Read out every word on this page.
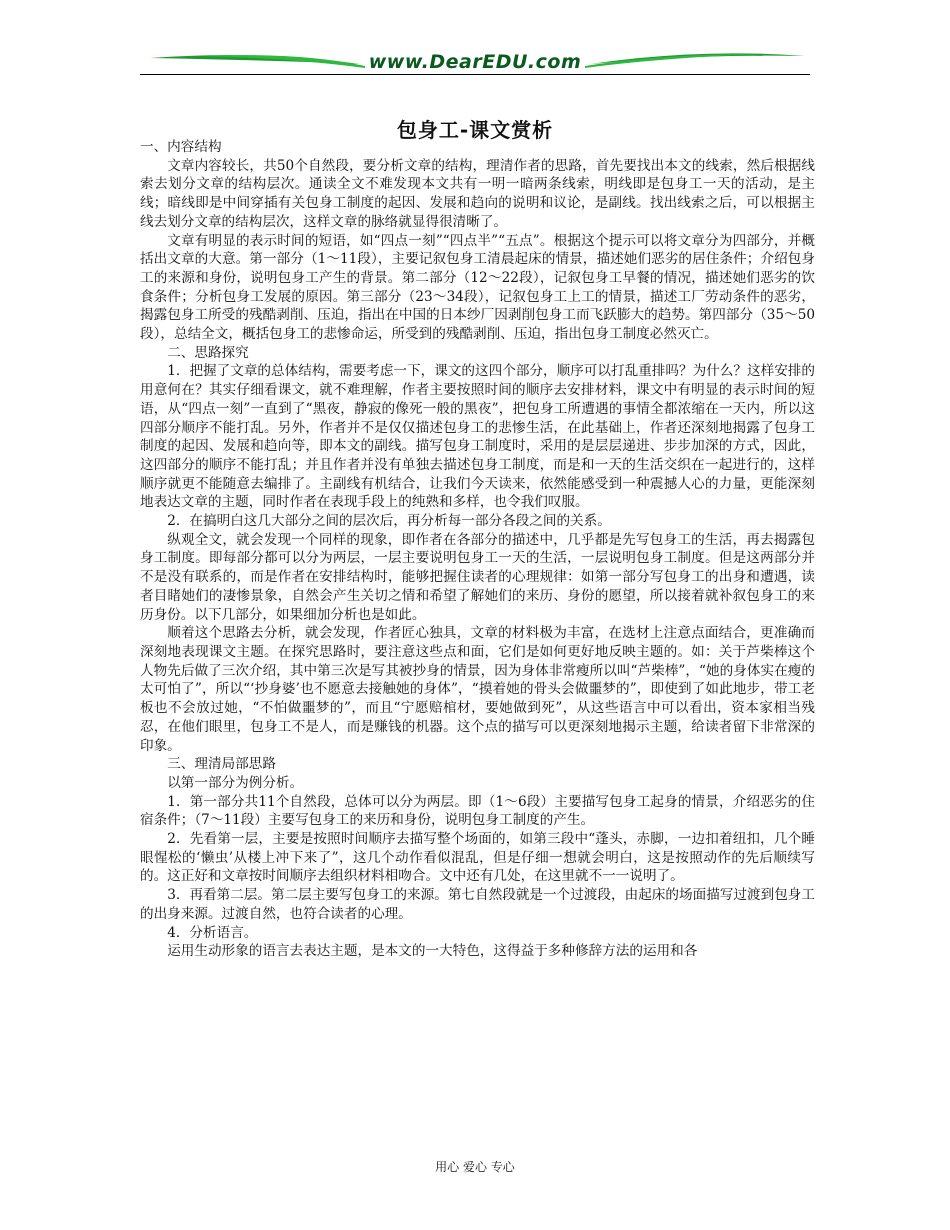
www.DearEDU.com
包身工-课文赏析

一、内容结构

文章内容较长，共50个自然段，要分析文章的结构，理清作者的思路，首先要找出本文的线索，然后根据线索去划分文章的结构层次。通读全文不难发现本文共有一明一暗两条线索，明线即是包身工一天的活动，是主线；暗线即是中间穿插有关包身工制度的起因、发展和趋向的说明和议论，是副线。找出线索之后，可以根据主线去划分文章的结构层次，这样文章的脉络就显得很清晰了。

文章有明显的表示时间的短语，如“四点一刻”“四点半”“五点”。根据这个提示可以将文章分为四部分，并概括出文章的大意。第一部分（1～11段），主要记叙包身工清晨起床的情景，描述她们恶劣的居住条件；介绍包身工的来源和身份，说明包身工产生的背景。第二部分（12～22段），记叙包身工早餐的情况，描述她们恶劣的饮食条件；分析包身工发展的原因。第三部分（23～34段），记叙包身工上工的情景，描述工厂劳动条件的恶劣，揭露包身工所受的残酷剥削、压迫，指出在中国的日本纱厂因剥削包身工而飞跃膨大的趋势。第四部分（35～50段），总结全文，概括包身工的悲惨命运，所受到的残酷剥削、压迫，指出包身工制度必然灭亡。

二、思路探究

1．把握了文章的总体结构，需要考虑一下，课文的这四个部分，顺序可以打乱重排吗？为什么？这样安排的用意何在？其实仔细看课文，就不难理解，作者主要按照时间的顺序去安排材料，课文中有明显的表示时间的短语，从“四点一刻”一直到了“黑夜，静寂的像死一般的黑夜”，把包身工所遭遇的事情全都浓缩在一天内，所以这四部分顺序不能打乱。另外，作者并不是仅仅描述包身工的悲惨生活，在此基础上，作者还深刻地揭露了包身工制度的起因、发展和趋向等，即本文的副线。描写包身工制度时，采用的是层层递进、步步加深的方式，因此，这四部分的顺序不能打乱；并且作者并没有单独去描述包身工制度，而是和一天的生活交织在一起进行的，这样顺序就更不能随意去编排了。主副线有机结合，让我们今天读来，依然能感受到一种震撼人心的力量，更能深刻地表达文章的主题，同时作者在表现手段上的纯熟和多样，也令我们叹服。

2．在搞明白这几大部分之间的层次后，再分析每一部分各段之间的关系。

纵观全文，就会发现一个同样的现象，即作者在各部分的描述中，几乎都是先写包身工的生活，再去揭露包身工制度。即每部分都可以分为两层，一层主要说明包身工一天的生活，一层说明包身工制度。但是这两部分并不是没有联系的，而是作者在安排结构时，能够把握住读者的心理规律：如第一部分写包身工的出身和遭遇，读者目睹她们的凄惨景象，自然会产生关切之情和希望了解她们的来历、身份的愿望，所以接着就补叙包身工的来历身份。以下几部分，如果细加分析也是如此。

顺着这个思路去分析，就会发现，作者匠心独具，文章的材料极为丰富，在选材上注意点面结合，更准确而深刻地表现课文主题。在探究思路时，要注意这些点和面，它们是如何更好地反映主题的。如：关于芦柴棒这个人物先后做了三次介绍，其中第三次是写其被抄身的情景，因为身体非常瘦所以叫“芦柴棒”，“她的身体实在瘦的太可怕了”，所以“‘抄身婆’也不愿意去接触她的身体”，“摸着她的骨头会做噩梦的”，即使到了如此地步，带工老板也不会放过她，“不怕做噩梦的”，而且“宁愿赔棺材，要她做到死”，从这些语言中可以看出，资本家相当残忍，在他们眼里，包身工不是人，而是赚钱的机器。这个点的描写可以更深刻地揭示主题，给读者留下非常深的印象。

三、理清局部思路

以第一部分为例分析。

1．第一部分共11个自然段，总体可以分为两层。即（1～6段）主要描写包身工起身的情景，介绍恶劣的住宿条件；（7～11段）主要写包身工的来历和身份，说明包身工制度的产生。

2．先看第一层，主要是按照时间顺序去描写整个场面的，如第三段中“蓬头，赤脚，一边扣着纽扣，几个睡眼惺松的‘懒虫’从楼上冲下来了”，这几个动作看似混乱，但是仔细一想就会明白，这是按照动作的先后顺续写的。这正好和文章按时间顺序去组织材料相吻合。文中还有几处，在这里就不一一说明了。

3．再看第二层。第二层主要写包身工的来源。第七自然段就是一个过渡段，由起床的场面描写过渡到包身工的出身来源。过渡自然，也符合读者的心理。

4．分析语言。

运用生动形象的语言去表达主题，是本文的一大特色，这得益于多种修辞方法的运用和各

用心 爱心 专心
